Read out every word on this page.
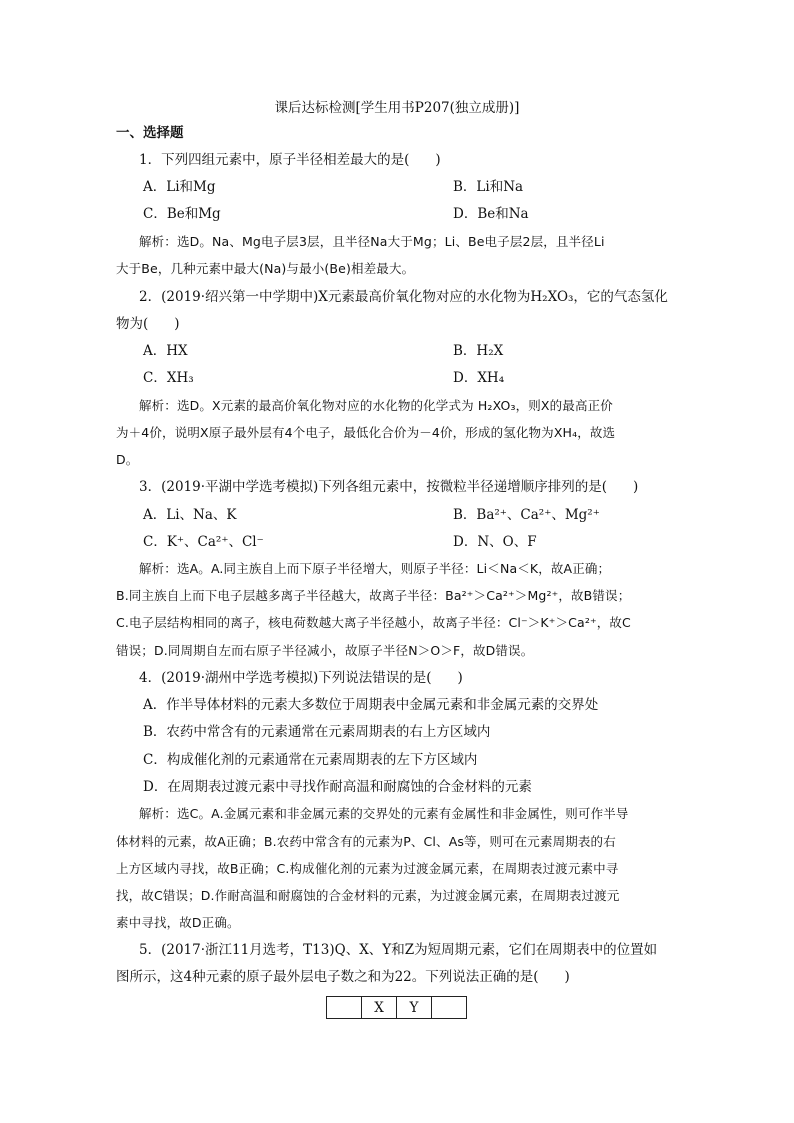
课后达标检测[学生用书P207(独立成册)]
一、选择题
1．下列四组元素中，原子半径相差最大的是( )
A．Li和Mg	B．Li和Na
C．Be和Mg	D．Be和Na
解析：选D。Na、Mg电子层3层，且半径Na大于Mg；Li、Be电子层2层，且半径Li
大于Be，几种元素中最大(Na)与最小(Be)相差最大。
2．(2019·绍兴第一中学期中)X元素最高价氧化物对应的水化物为H₂XO₃，它的气态氢化
物为( )
A．HX	B．H₂X
C．XH₃	D．XH₄
解析：选D。X元素的最高价氧化物对应的水化物的化学式为 H₂XO₃，则X的最高正价
为＋4价，说明X原子最外层有4个电子，最低化合价为－4价，形成的氢化物为XH₄，故选
D。
3．(2019·平湖中学选考模拟)下列各组元素中，按微粒半径递增顺序排列的是( )
A．Li、Na、K	B．Ba²⁺、Ca²⁺、Mg²⁺
C．K⁺、Ca²⁺、Cl⁻	D．N、O、F
解析：选A。A.同主族自上而下原子半径增大，则原子半径：Li＜Na＜K，故A正确；
B.同主族自上而下电子层越多离子半径越大，故离子半径：Ba²⁺＞Ca²⁺＞Mg²⁺，故B错误；
C.电子层结构相同的离子，核电荷数越大离子半径越小，故离子半径：Cl⁻＞K⁺＞Ca²⁺，故C
错误；D.同周期自左而右原子半径减小，故原子半径N＞O＞F，故D错误。
4．(2019·湖州中学选考模拟)下列说法错误的是( )
A．作半导体材料的元素大多数位于周期表中金属元素和非金属元素的交界处
B．农药中常含有的元素通常在元素周期表的右上方区域内
C．构成催化剂的元素通常在元素周期表的左下方区域内
D．在周期表过渡元素中寻找作耐高温和耐腐蚀的合金材料的元素
解析：选C。A.金属元素和非金属元素的交界处的元素有金属性和非金属性，则可作半导
体材料的元素，故A正确；B.农药中常含有的元素为P、Cl、As等，则可在元素周期表的右
上方区域内寻找，故B正确；C.构成催化剂的元素为过渡金属元素，在周期表过渡元素中寻
找，故C错误；D.作耐高温和耐腐蚀的合金材料的元素，为过渡金属元素，在周期表过渡元
素中寻找，故D正确。
5．(2017·浙江11月选考，T13)Q、X、Y和Z为短周期元素，它们在周期表中的位置如
图所示，这4种元素的原子最外层电子数之和为22。下列说法正确的是( )
	X	Y	
